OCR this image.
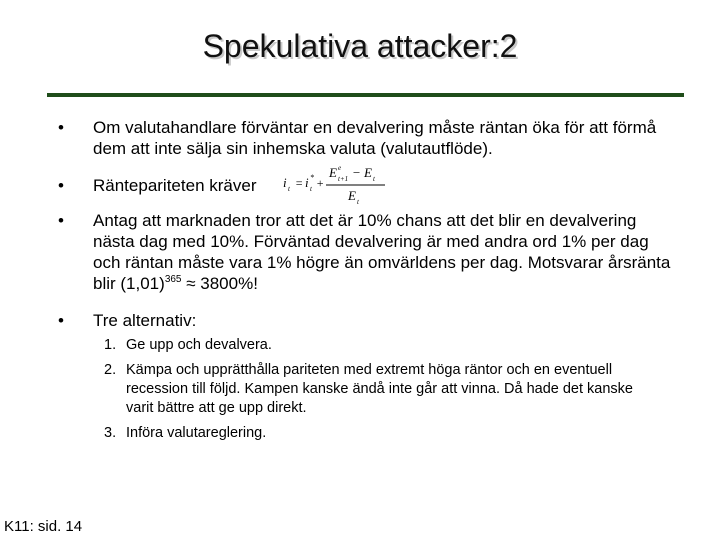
Spekulativa attacker:2
• Om valutahandlare förväntar en devalvering måste räntan öka för att förmå dem att inte sälja sin inhemska valuta (valutautflöde).
• Räntepariteten kräver	i t = i *
t +
E e
t+1 − E t
E t
• Antag att marknaden tror att det är 10% chans att det blir en devalvering nästa dag med 10%. Förväntad devalvering är med andra ord 1% per dag och räntan måste vara 1% högre än omvärldens per dag. Motsvarar årsränta blir $(1,01)^{365} \approx 3800\%$!
• Tre alternativ:
1. Ge upp och devalvera.
2. Kämpa och upprätthålla pariteten med extremt höga räntor och en eventuell recession till följd. Kampen kanske ändå inte går att vinna. Då hade det kanske varit bättre att ge upp direkt.
3. Införa valutareglering.
K11: sid. 14
